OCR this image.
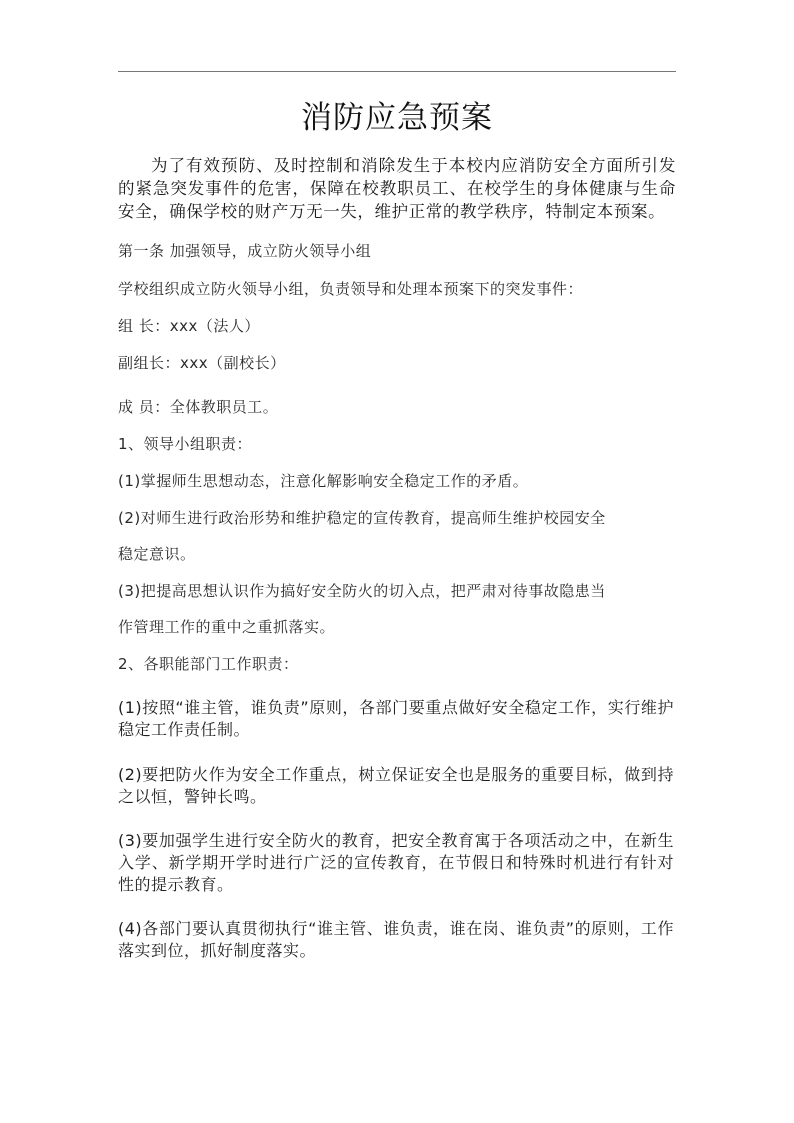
消防应急预案
为了有效预防、及时控制和消除发生于本校内应消防安全方面所引发的紧急突发事件的危害，保障在校教职员工、在校学生的身体健康与生命安全，确保学校的财产万无一失，维护正常的教学秩序，特制定本预案。
第一条 加强领导，成立防火领导小组
学校组织成立防火领导小组，负责领导和处理本预案下的突发事件：
组 长：xxx（法人）
副组长：xxx（副校长）
成 员：全体教职员工。
1、领导小组职责：
(1)掌握师生思想动态，注意化解影响安全稳定工作的矛盾。
(2)对师生进行政治形势和维护稳定的宣传教育，提高师生维护校园安全
稳定意识。
(3)把提高思想认识作为搞好安全防火的切入点，把严肃对待事故隐患当
作管理工作的重中之重抓落实。
2、各职能部门工作职责：
(1)按照“谁主管，谁负责”原则，各部门要重点做好安全稳定工作，实行维护稳定工作责任制。
(2)要把防火作为安全工作重点，树立保证安全也是服务的重要目标，做到持之以恒，警钟长鸣。
(3)要加强学生进行安全防火的教育，把安全教育寓于各项活动之中，在新生入学、新学期开学时进行广泛的宣传教育，在节假日和特殊时机进行有针对性的提示教育。
(4)各部门要认真贯彻执行“谁主管、谁负责，谁在岗、谁负责”的原则，工作落实到位，抓好制度落实。
